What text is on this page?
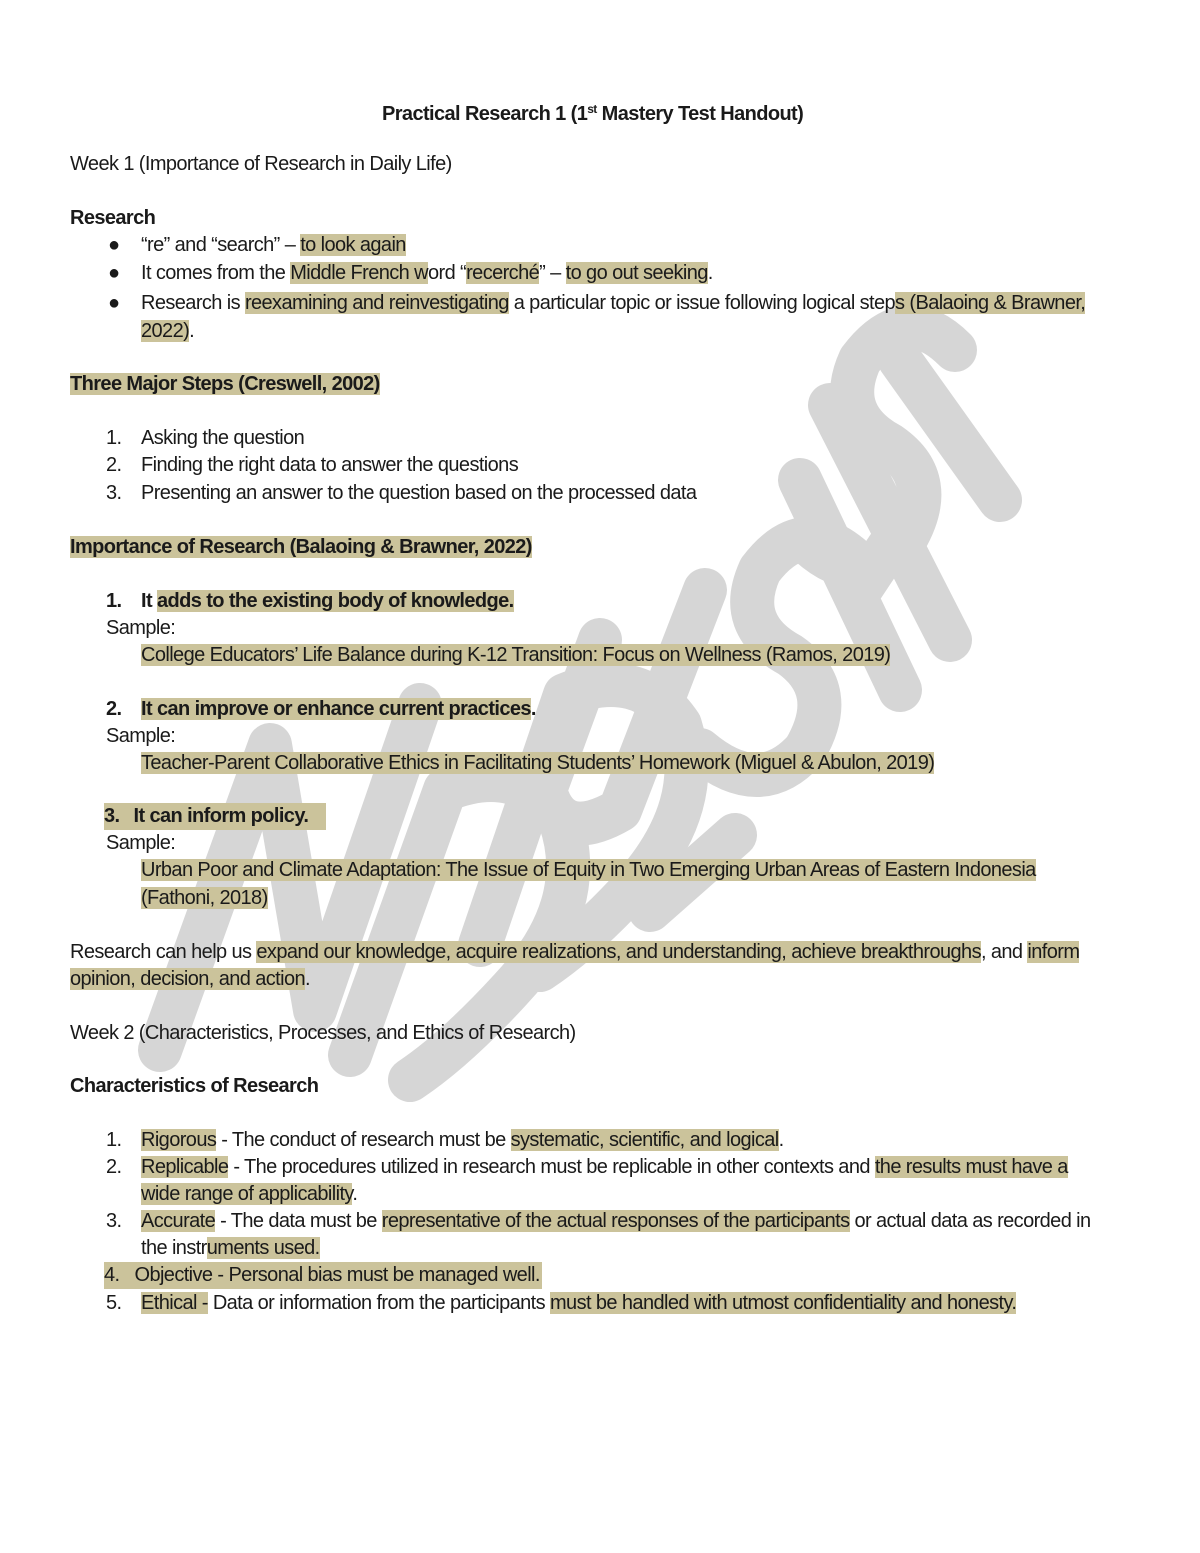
Practical Research 1 (1st Mastery Test Handout)
Week 1 (Importance of Research in Daily Life)
Research
● “re” and “search” – to look again
● It comes from the Middle French word “recerché” – to go out seeking.
● Research is reexamining and reinvestigating a particular topic or issue following logical steps (Balaoing & Brawner,
2022).
Three Major Steps (Creswell, 2002)
1. Asking the question
2. Finding the right data to answer the questions
3. Presenting an answer to the question based on the processed data
Importance of Research (Balaoing & Brawner, 2022)
1. It adds to the existing body of knowledge.
Sample:
College Educators’ Life Balance during K-12 Transition: Focus on Wellness (Ramos, 2019)
2. It can improve or enhance current practices.
Sample:
Teacher-Parent Collaborative Ethics in Facilitating Students’ Homework (Miguel & Abulon, 2019)
3. It can inform policy.
Sample:
Urban Poor and Climate Adaptation: The Issue of Equity in Two Emerging Urban Areas of Eastern Indonesia
(Fathoni, 2018)
Research can help us expand our knowledge, acquire realizations, and understanding, achieve breakthroughs, and inform
opinion, decision, and action.
Week 2 (Characteristics, Processes, and Ethics of Research)
Characteristics of Research
1. Rigorous - The conduct of research must be systematic, scientific, and logical.
2. Replicable - The procedures utilized in research must be replicable in other contexts and the results must have a
wide range of applicability.
3. Accurate - The data must be representative of the actual responses of the participants or actual data as recorded in
the instruments used.
4. Objective - Personal bias must be managed well.
5. Ethical - Data or information from the participants must be handled with utmost confidentiality and honesty.
